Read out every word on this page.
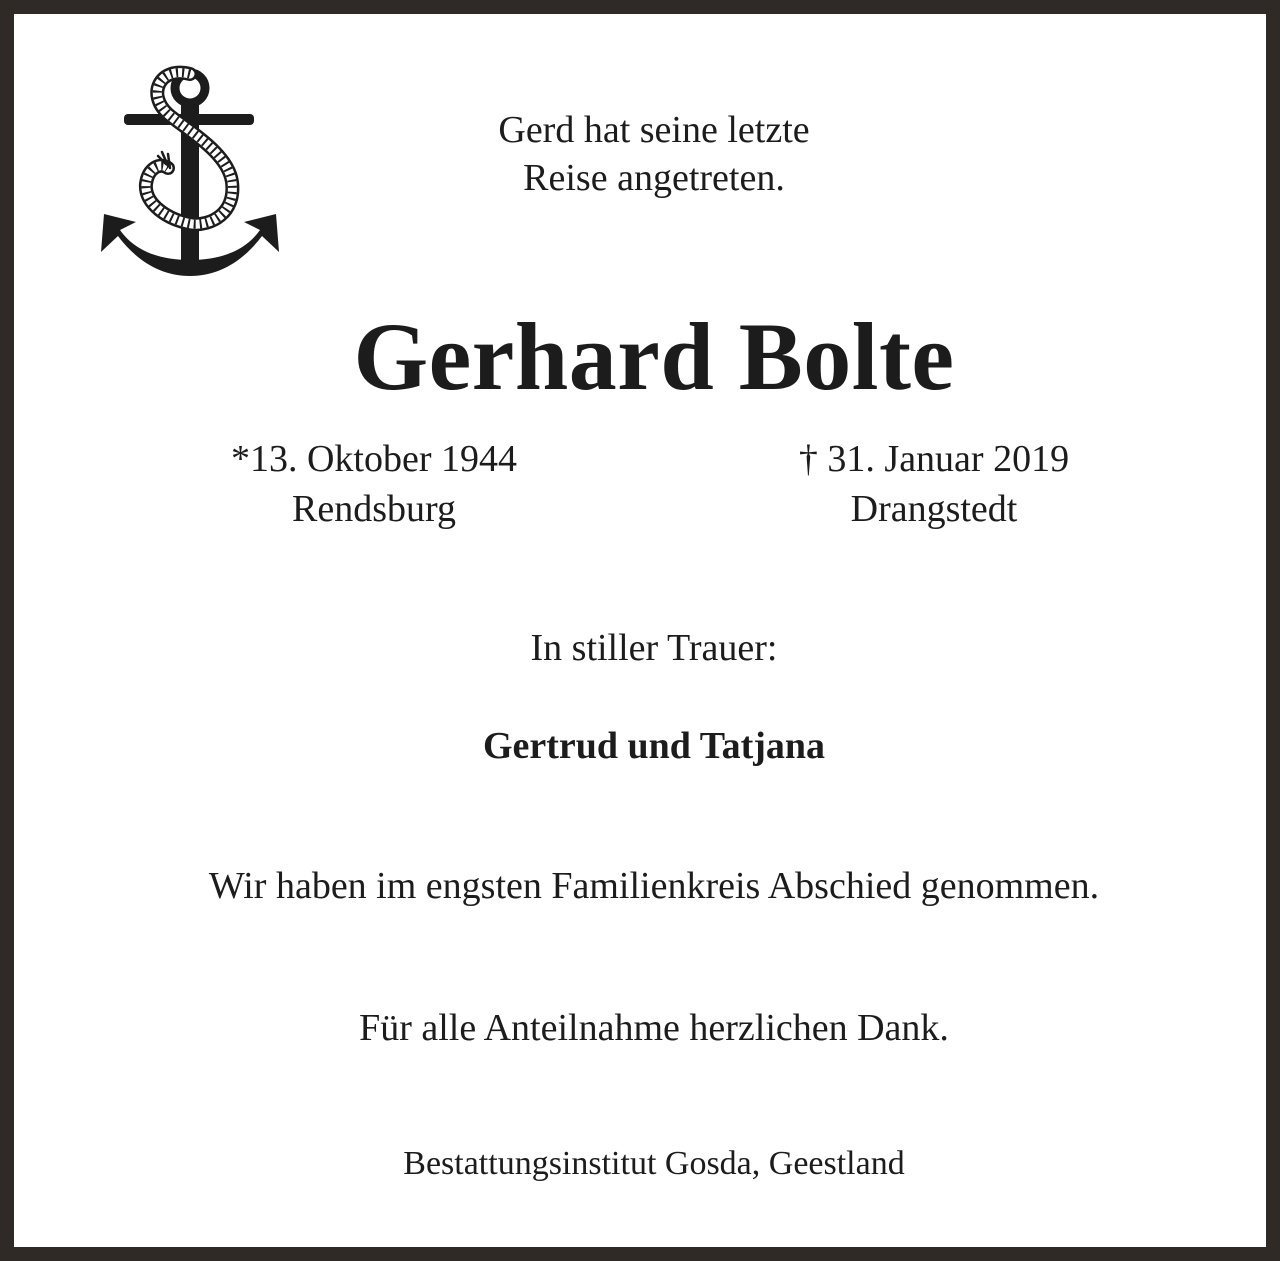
Gerd hat seine letzte
Reise angetreten.
Gerhard Bolte
*13. Oktober 1944
Rendsburg
† 31. Januar 2019
Drangstedt
In stiller Trauer:
Gertrud und Tatjana
Wir haben im engsten Familienkreis Abschied genommen.
Für alle Anteilnahme herzlichen Dank.
Bestattungsinstitut Gosda, Geestland
